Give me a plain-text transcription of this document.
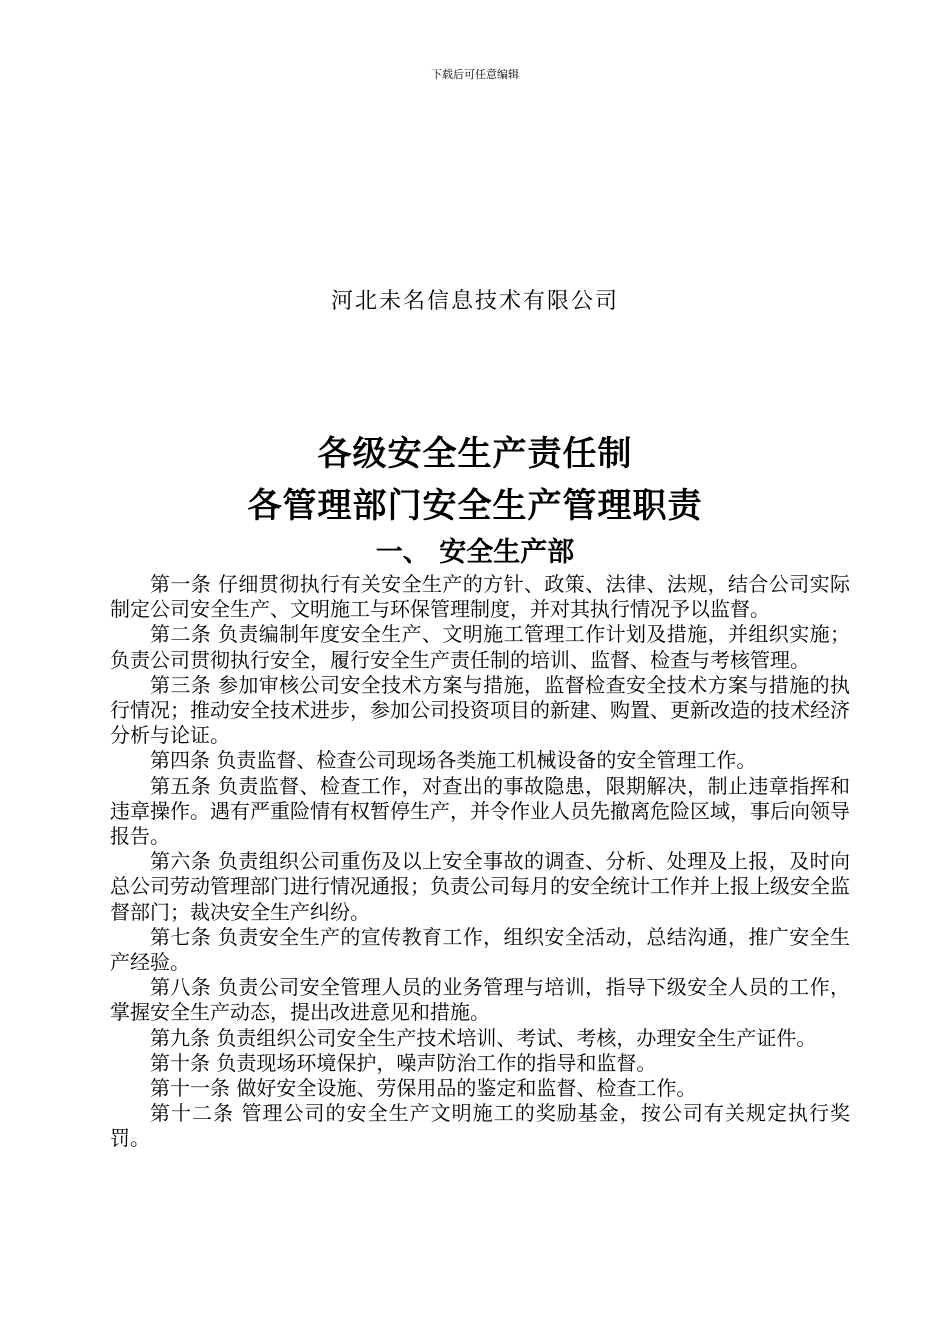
下载后可任意编辑
河北未名信息技术有限公司
各级安全生产责任制
各管理部门安全生产管理职责
一、 安全生产部

第一条 仔细贯彻执行有关安全生产的方针、政策、法律、法规，结合公司实际制定公司安全生产、文明施工与环保管理制度，并对其执行情况予以监督。

第二条 负责编制年度安全生产、文明施工管理工作计划及措施，并组织实施；负责公司贯彻执行安全，履行安全生产责任制的培训、监督、检查与考核管理。

第三条 参加审核公司安全技术方案与措施，监督检查安全技术方案与措施的执行情况；推动安全技术进步，参加公司投资项目的新建、购置、更新改造的技术经济分析与论证。

第四条 负责监督、检查公司现场各类施工机械设备的安全管理工作。

第五条 负责监督、检查工作，对查出的事故隐患，限期解决，制止违章指挥和违章操作。遇有严重险情有权暂停生产，并令作业人员先撤离危险区域，事后向领导报告。

第六条 负责组织公司重伤及以上安全事故的调查、分析、处理及上报，及时向总公司劳动管理部门进行情况通报；负责公司每月的安全统计工作并上报上级安全监督部门；裁决安全生产纠纷。

第七条 负责安全生产的宣传教育工作，组织安全活动，总结沟通，推广安全生产经验。

第八条 负责公司安全管理人员的业务管理与培训，指导下级安全人员的工作，掌握安全生产动态，提出改进意见和措施。

第九条 负责组织公司安全生产技术培训、考试、考核，办理安全生产证件。

第十条 负责现场环境保护，噪声防治工作的指导和监督。

第十一条 做好安全设施、劳保用品的鉴定和监督、检查工作。

第十二条 管理公司的安全生产文明施工的奖励基金，按公司有关规定执行奖罚。
